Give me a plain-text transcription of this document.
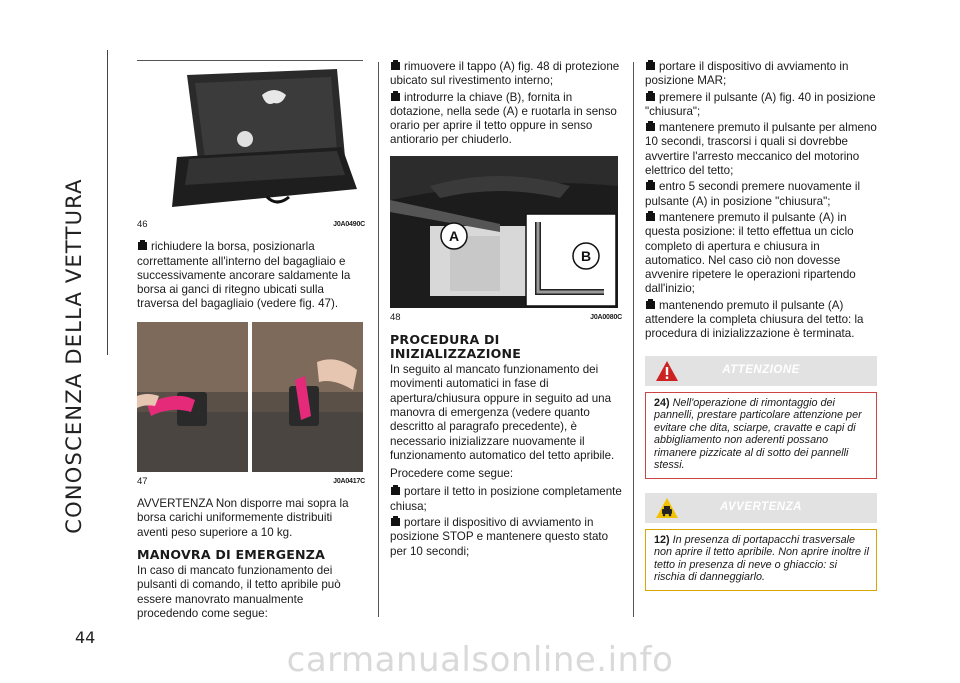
CONOSCENZA DELLA VETTURA
44
46	J0A0490C

richiudere la borsa, posizionarla correttamente all'interno del bagagliaio e successivamente ancorare saldamente la borsa ai ganci di ritegno ubicati sulla traversa del bagagliaio (vedere fig. 47).

47	J0A0417C

AVVERTENZA Non disporre mai sopra la borsa carichi uniformemente distribuiti aventi peso superiore a 10 kg.

MANOVRA DI EMERGENZA

In caso di mancato funzionamento dei pulsanti di comando, il tetto apribile può essere manovrato manualmente procedendo come segue:

rimuovere il tappo (A) fig. 48 di protezione ubicato sul rivestimento interno;

introdurre la chiave (B), fornita in dotazione, nella sede (A) e ruotarla in senso orario per aprire il tetto oppure in senso antiorario per chiuderlo.

A
B
48	J0A0080C
PROCEDURA DI INIZIALIZZAZIONE

In seguito al mancato funzionamento dei movimenti automatici in fase di apertura/chiusura oppure in seguito ad una manovra di emergenza (vedere quanto descritto al paragrafo precedente), è necessario inizializzare nuovamente il funzionamento automatico del tetto apribile.

Procedere come segue:

portare il tetto in posizione completamente chiusa;

portare il dispositivo di avviamento in posizione STOP e mantenere questo stato per 10 secondi;

portare il dispositivo di avviamento in posizione MAR;

premere il pulsante (A) fig. 40 in posizione "chiusura";

mantenere premuto il pulsante per almeno 10 secondi, trascorsi i quali si dovrebbe avvertire l'arresto meccanico del motorino elettrico del tetto;

entro 5 secondi premere nuovamente il pulsante (A) in posizione "chiusura";

mantenere premuto il pulsante (A) in questa posizione: il tetto effettua un ciclo completo di apertura e chiusura in automatico. Nel caso ciò non dovesse avvenire ripetere le operazioni ripartendo dall'inizio;

mantenendo premuto il pulsante (A) attendere la completa chiusura del tetto: la procedura di inizializzazione è terminata.

ATTENZIONE
24) Nell'operazione di rimontaggio dei pannelli, prestare particolare attenzione per evitare che dita, sciarpe, cravatte e capi di abbigliamento non aderenti possano rimanere pizzicate al di sotto dei pannelli stessi.
AVVERTENZA
12) In presenza di portapacchi trasversale non aprire il tetto apribile. Non aprire inoltre il tetto in presenza di neve o ghiaccio: si rischia di danneggiarlo.
carmanualsonline.info
